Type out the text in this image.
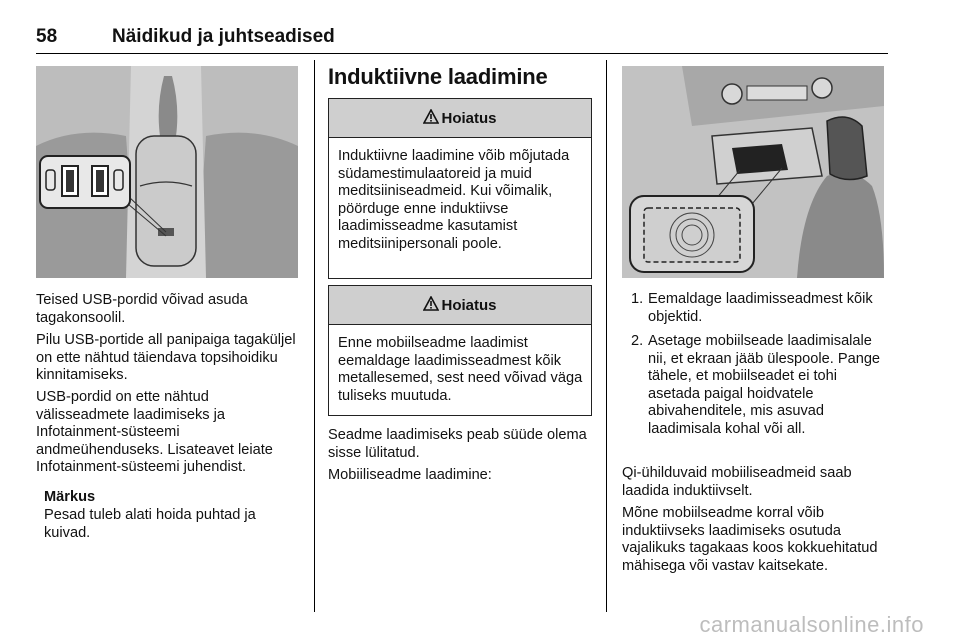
58	Näidikud ja juhtseadised

Teised USB-pordid võivad asuda tagakonsoolil.

Pilu USB-portide all panipaiga tagaküljel on ette nähtud täiendava topsihoidiku kinnitamiseks.

USB-pordid on ette nähtud välisseadmete laadimiseks ja Infotainment-süsteemi andmeühenduseks. Lisateavet leiate Infotainment-süsteemi juhendist.

Märkus

Pesad tuleb alati hoida puhtad ja kuivad.

Induktiivne laadimine
Hoiatus
Induktiivne laadimine võib mõjutada südamestimulaatoreid ja muid meditsiiniseadmeid. Kui võimalik, pöörduge enne induktiivse laadimisseadme kasutamist meditsiinipersonali poole.
Hoiatus
Enne mobiilseadme laadimist eemaldage laadimisseadmest kõik metallesemed, sest need võivad väga tuliseks muutuda.

Seadme laadimiseks peab süüde olema sisse lülitatud.

Mobiiliseadme laadimine:

1. Eemaldage laadimisseadmest kõik objektid.
2. Asetage mobiilseade laadimisalale nii, et ekraan jääb ülespoole. Pange tähele, et mobiilseadet ei tohi asetada paigal hoidvatele abivahenditele, mis asuvad laadimisala kohal või all.

Qi-ühilduvaid mobiiliseadmeid saab laadida induktiivselt.

Mõne mobiilseadme korral võib induktiivseks laadimiseks osutuda vajalikuks tagakaas koos kokkuehitatud mähisega või vastav kaitsekate.

carmanualsonline.info
